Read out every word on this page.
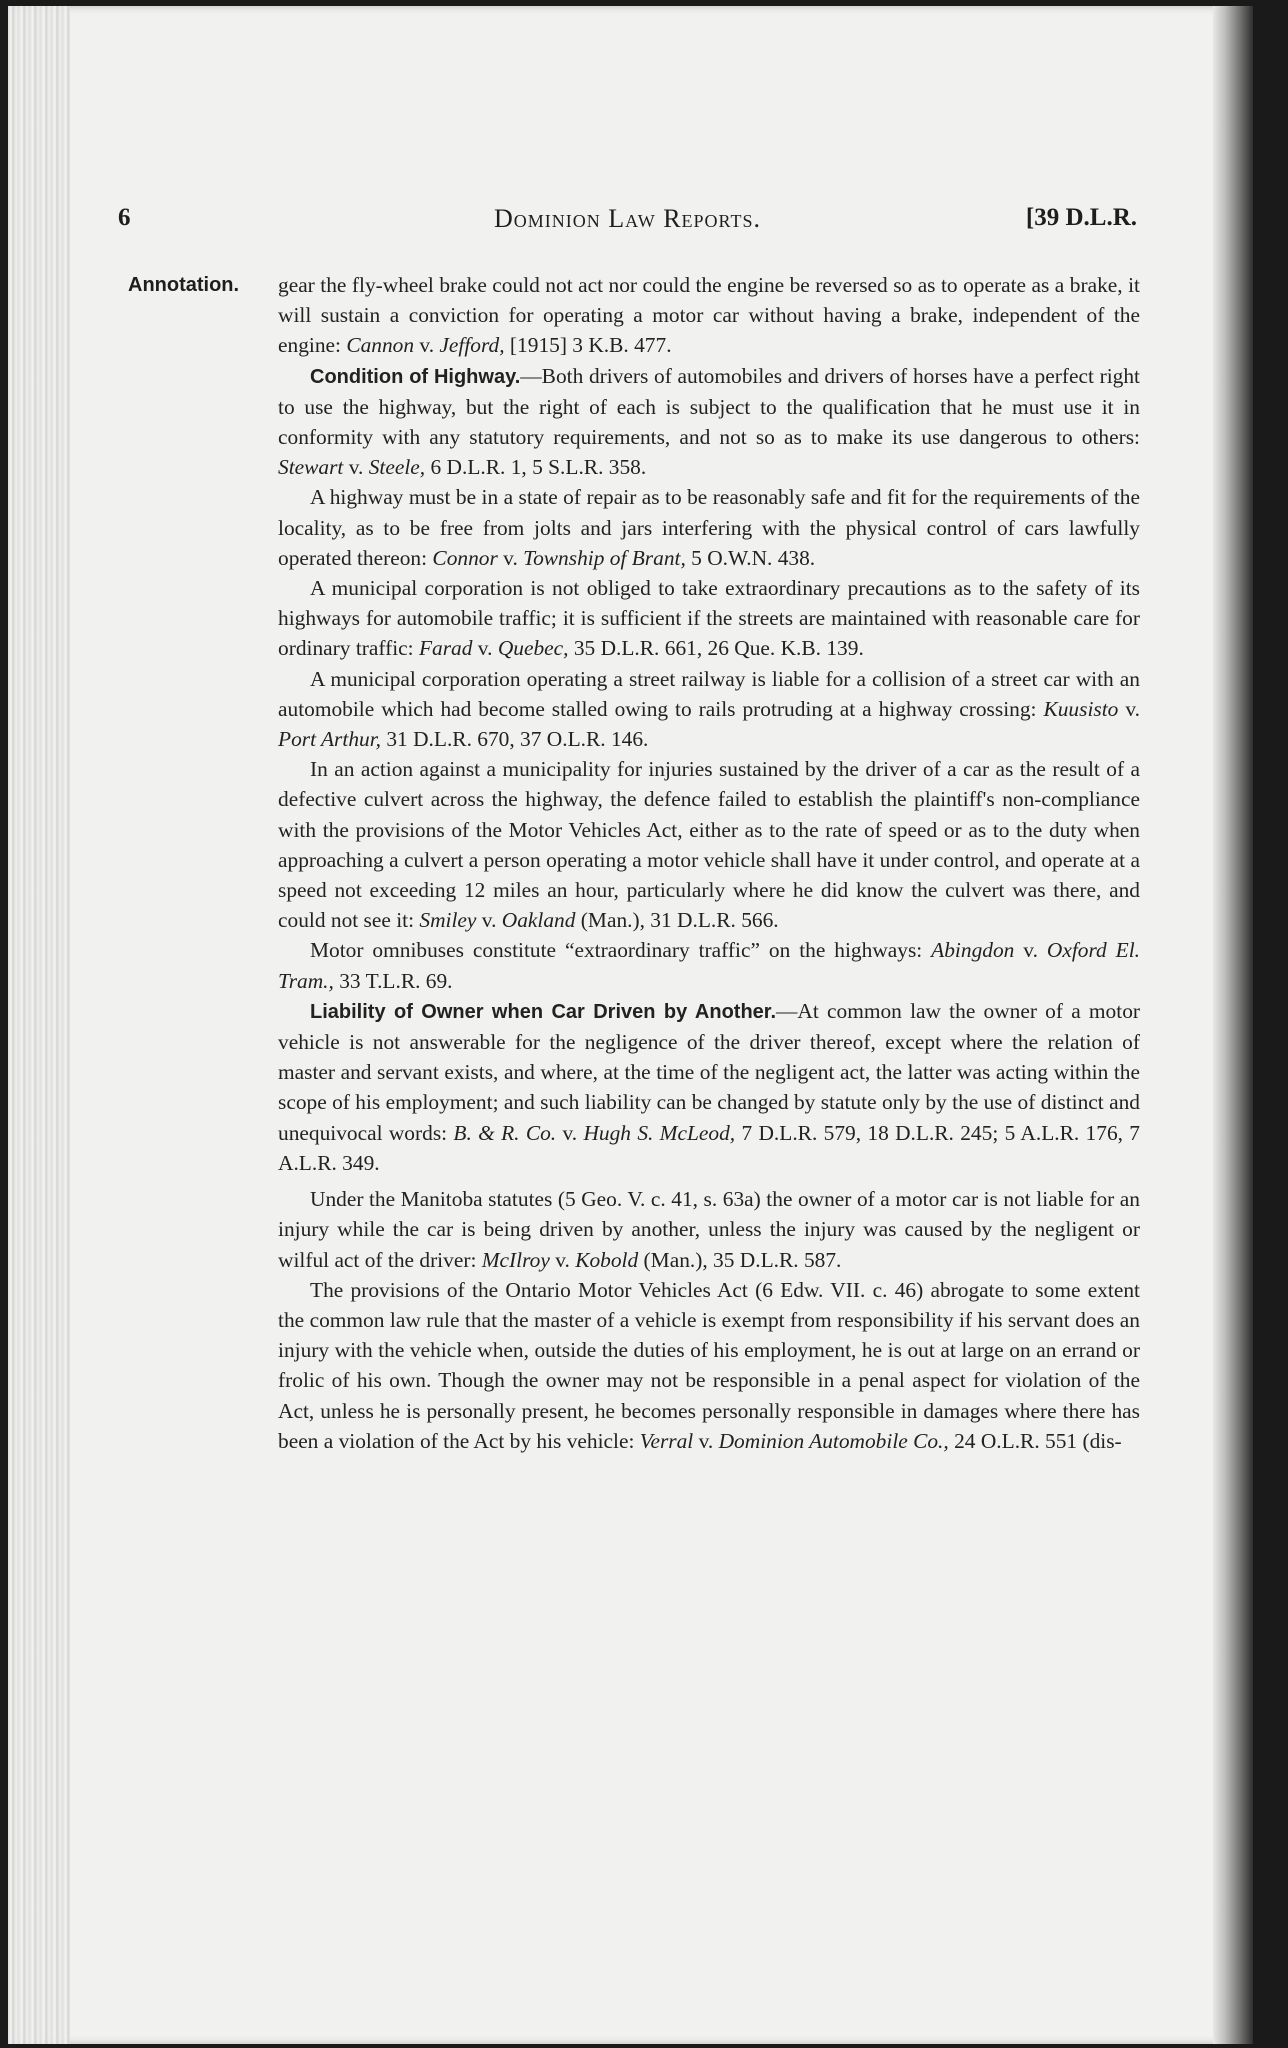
6	Dominion Law Reports.	[39 D.L.R.
Annotation. gear the fly-wheel brake could not act nor could the engine be reversed so as to operate as a brake, it will sustain a conviction for operating a motor car without having a brake, independent of the engine: Cannon v. Jefford, [1915] 3 K.B. 477.

Condition of Highway.—Both drivers of automobiles and drivers of horses have a perfect right to use the highway, but the right of each is subject to the qualification that he must use it in conformity with any statutory requirements, and not so as to make its use dangerous to others: Stewart v. Steele, 6 D.L.R. 1, 5 S.L.R. 358.

A highway must be in a state of repair as to be reasonably safe and fit for the requirements of the locality, as to be free from jolts and jars interfering with the physical control of cars lawfully operated thereon: Connor v. Township of Brant, 5 O.W.N. 438.

A municipal corporation is not obliged to take extraordinary precautions as to the safety of its highways for automobile traffic; it is sufficient if the streets are maintained with reasonable care for ordinary traffic: Farad v. Quebec, 35 D.L.R. 661, 26 Que. K.B. 139.

A municipal corporation operating a street railway is liable for a collision of a street car with an automobile which had become stalled owing to rails protruding at a highway crossing: Kuusisto v. Port Arthur, 31 D.L.R. 670, 37 O.L.R. 146.

In an action against a municipality for injuries sustained by the driver of a car as the result of a defective culvert across the highway, the defence failed to establish the plaintiff's non-compliance with the provisions of the Motor Vehicles Act, either as to the rate of speed or as to the duty when approaching a culvert a person operating a motor vehicle shall have it under control, and operate at a speed not exceeding 12 miles an hour, particularly where he did know the culvert was there, and could not see it: Smiley v. Oakland (Man.), 31 D.L.R. 566.

Motor omnibuses constitute “extraordinary traffic” on the highways: Abingdon v. Oxford El. Tram., 33 T.L.R. 69.

Liability of Owner when Car Driven by Another.—At common law the owner of a motor vehicle is not answerable for the negligence of the driver thereof, except where the relation of master and servant exists, and where, at the time of the negligent act, the latter was acting within the scope of his employment; and such liability can be changed by statute only by the use of distinct and unequivocal words: B. & R. Co. v. Hugh S. McLeod, 7 D.L.R. 579, 18 D.L.R. 245; 5 A.L.R. 176, 7 A.L.R. 349.

Under the Manitoba statutes (5 Geo. V. c. 41, s. 63a) the owner of a motor car is not liable for an injury while the car is being driven by another, unless the injury was caused by the negligent or wilful act of the driver: McIlroy v. Kobold (Man.), 35 D.L.R. 587.

The provisions of the Ontario Motor Vehicles Act (6 Edw. VII. c. 46) abrogate to some extent the common law rule that the master of a vehicle is exempt from responsibility if his servant does an injury with the vehicle when, outside the duties of his employment, he is out at large on an errand or frolic of his own. Though the owner may not be responsible in a penal aspect for violation of the Act, unless he is personally present, he becomes personally responsible in damages where there has been a violation of the Act by his vehicle: Verral v. Dominion Automobile Co., 24 O.L.R. 551 (dis-
